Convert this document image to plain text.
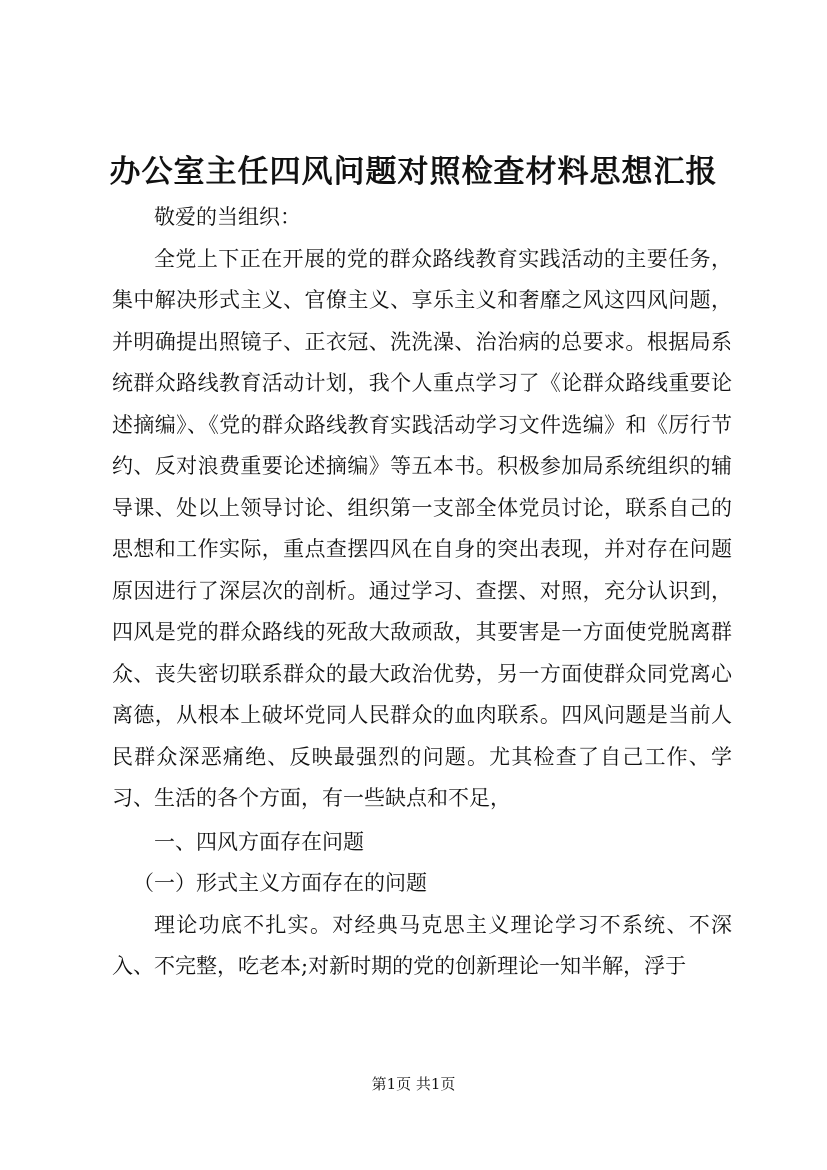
办公室主任四风问题对照检查材料思想汇报

敬爱的当组织：

全党上下正在开展的党的群众路线教育实践活动的主要任务，集中解决形式主义、官僚主义、享乐主义和奢靡之风这四风问题，并明确提出照镜子、正衣冠、洗洗澡、治治病的总要求。根据局系统群众路线教育活动计划，我个人重点学习了《论群众路线重要论述摘编》、《党的群众路线教育实践活动学习文件选编》和《厉行节约、反对浪费重要论述摘编》等五本书。积极参加局系统组织的辅导课、处以上领导讨论、组织第一支部全体党员讨论，联系自己的思想和工作实际，重点查摆四风在自身的突出表现，并对存在问题原因进行了深层次的剖析。通过学习、查摆、对照，充分认识到，四风是党的群众路线的死敌大敌顽敌，其要害是一方面使党脱离群众、丧失密切联系群众的最大政治优势，另一方面使群众同党离心离德，从根本上破坏党同人民群众的血肉联系。四风问题是当前人民群众深恶痛绝、反映最强烈的问题。尤其检查了自己工作、学习、生活的各个方面，有一些缺点和不足，

一、四风方面存在问题

（一）形式主义方面存在的问题

理论功底不扎实。对经典马克思主义理论学习不系统、不深入、不完整，吃老本;对新时期的党的创新理论一知半解，浮于

第1页 共1页
